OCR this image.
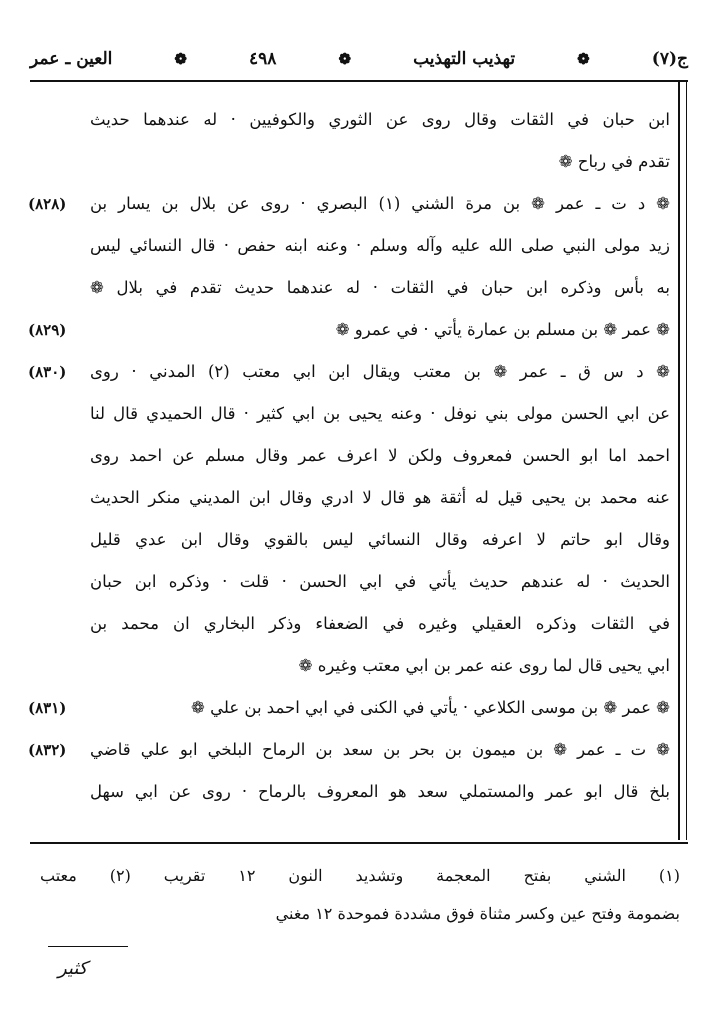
ج(٧)
❁
تهذيب التهذيب
❁
٤٩٨
❁
العين ـ عمر
ابن حبان في الثقات وقال روى عن الثوري والكوفيين · له عندهما حديث
تقدم في رباح ❁
❁ د ت ـ عمر ❁ بن مرة الشني (١) البصري · روى عن بلال بن يسار بن
زيد مولى النبي صلى الله عليه وآله وسلم · وعنه ابنه حفص · قال النسائي ليس
به بأس وذكره ابن حبان في الثقات · له عندهما حديث تقدم في بلال ❁
❁ عمر ❁ بن مسلم بن عمارة يأتي · في عمرو ❁
❁ د س ق ـ عمر ❁ بن معتب ويقال ابن ابي معتب (٢) المدني · روى
عن ابي الحسن مولى بني نوفل · وعنه يحيى بن ابي كثير · قال الحميدي قال لنا
احمد اما ابو الحسن فمعروف ولكن لا اعرف عمر وقال مسلم عن احمد روى
عنه محمد بن يحيى قيل له أثقة هو قال لا ادري وقال ابن المديني منكر الحديث
وقال ابو حاتم لا اعرفه وقال النسائي ليس بالقوي وقال ابن عدي قليل
الحديث · له عندهم حديث يأتي في ابي الحسن · قلت · وذكره ابن حبان
في الثقات وذكره العقيلي وغيره في الضعفاء وذكر البخاري ان محمد بن
ابي يحيى قال لما روى عنه عمر بن ابي معتب وغيره ❁
❁ عمر ❁ بن موسى الكلاعي · يأتي في الكنى في ابي احمد بن علي ❁
❁ ت ـ عمر ❁ بن ميمون بن بحر بن سعد بن الرماح البلخي ابو علي قاضي
بلخ قال ابو عمر والمستملي سعد هو المعروف بالرماح · روى عن ابي سهل
(٨٢٨)
(٨٢٩)
(٨٣٠)
(٨٣١)
(٨٣٢)
(١) الشني بفتح المعجمة وتشديد النون ١٢ تقريب (٢) معتب
بضمومة وفتح عين وكسر مثناة فوق مشددة فموحدة ١٢ مغني
كثير
